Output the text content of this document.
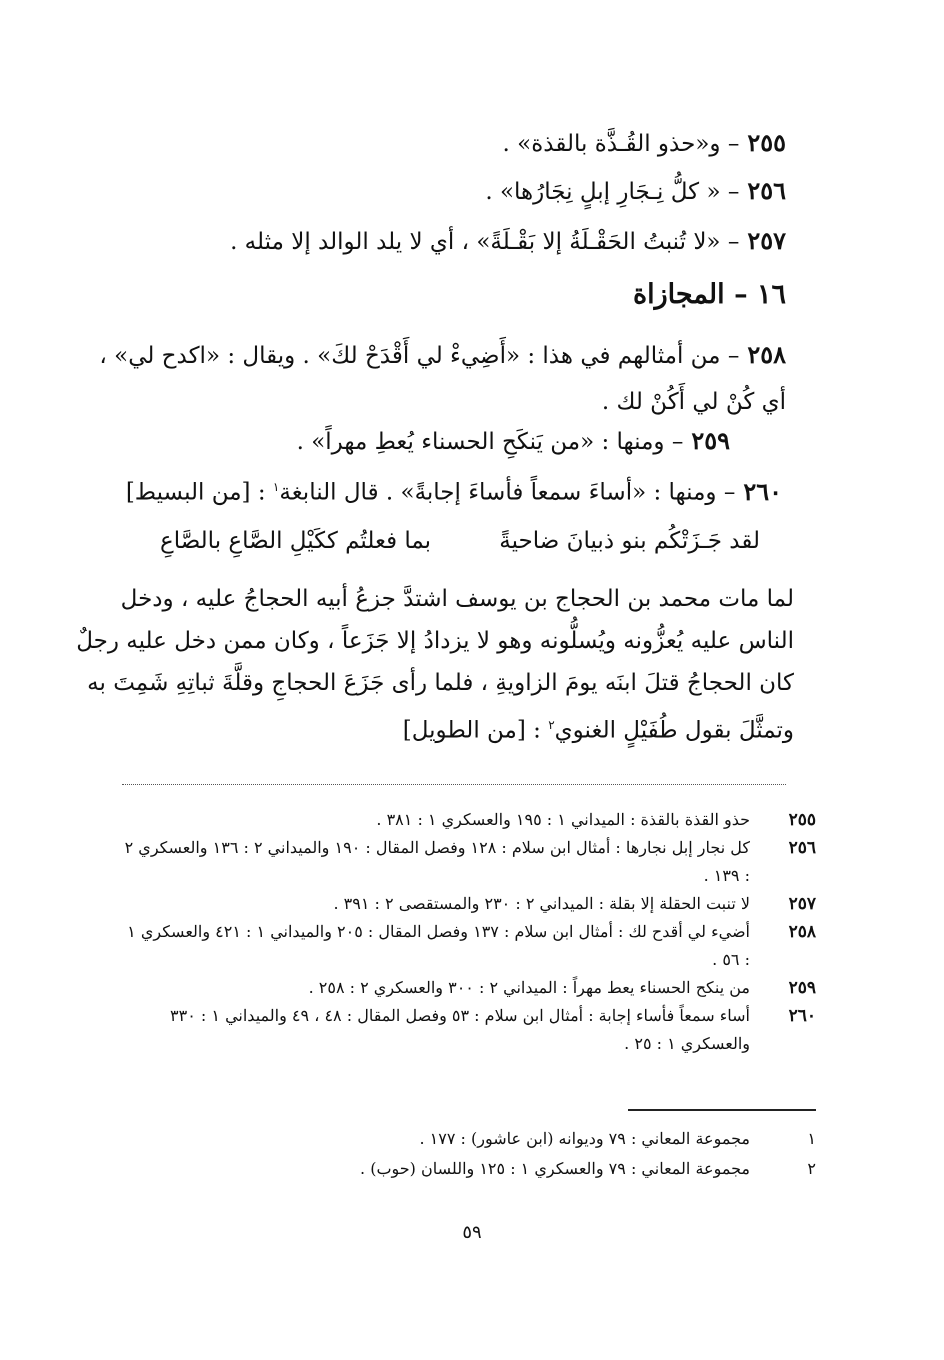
٢٥٥– و«حذو القُـذَّة بالقذة» .
٢٥٦– « كلُّ نِـجَارِ إبلٍ نِجَارُها» .
٢٥٧– «لا تُنبتُ الحَقْـلَةُ إلا بَقْـلَةً» ، أي لا يلد الوالد إلا مثله .
١٦ – المجازاة
٢٥٨– من أمثالهم في هذا : «أَضِيءْ لي أَقْدَحْ لكَ» . ويقال : «اكدح لي» ،
أي كُنْ لي أَكُنْ لك .
٢٥٩– ومنها : «من يَنكَحِ الحسناء يُعطِ مهراً» .
٢٦٠– ومنها : «أساءَ سمعاً فأساءَ إجابةً» . قال النابغة$^١$ : [من البسيط]
لقد جَـزَتْكُم بنو ذبيانَ ضاحيةً
بما فعلتُم ككَيْلِ الصَّاعِ بالصَّاعِ
لما مات محمد بن الحجاج بن يوسف اشتدَّ جزعُ أبيه الحجاجُ عليه ، ودخل
الناس عليه يُعزُّونه ويُسلُّونه وهو لا يزدادُ إلا جَزَعاً ، وكان ممن دخل عليه رجلٌ
كان الحجاجُ قتلَ ابنَه يومَ الزاويةِ ، فلما رأى جَزَعَ الحجاجِ وقلَّةَ ثباتِهِ شَمِتَ به
وتمثَّلَ بقول طُفَيْلٍ الغنوي$^٢$ : [من الطويل]
٢٥٥
حذو القذة بالقذة : الميداني ١ : ١٩٥ والعسكري ١ : ٣٨١ .
٢٥٦
كل نجار إبل نجارها : أمثال ابن سلام : ١٢٨ وفصل المقال : ١٩٠ والميداني ٢ : ١٣٦ والعسكري ٢ : ١٣٩ .
٢٥٧
لا تنبت الحقلة إلا بقلة : الميداني ٢ : ٢٣٠ والمستقصى ٢ : ٣٩١ .
٢٥٨
أضيء لي أقدح لك : أمثال ابن سلام : ١٣٧ وفصل المقال : ٢٠٥ والميداني ١ : ٤٢١ والعسكري ١ : ٥٦ .
٢٥٩
من ينكح الحسناء يعط مهراً : الميداني ٢ : ٣٠٠ والعسكري ٢ : ٢٥٨ .
٢٦٠
أساء سمعاً فأساء إجابة : أمثال ابن سلام : ٥٣ وفصل المقال : ٤٨ ، ٤٩ والميداني ١ : ٣٣٠ والعسكري ١ : ٢٥ .
١
مجموعة المعاني : ٧٩ وديوانه (ابن عاشور) : ١٧٧ .
٢
مجموعة المعاني : ٧٩ والعسكري ١ : ١٢٥ واللسان (حوب) .
٥٩
